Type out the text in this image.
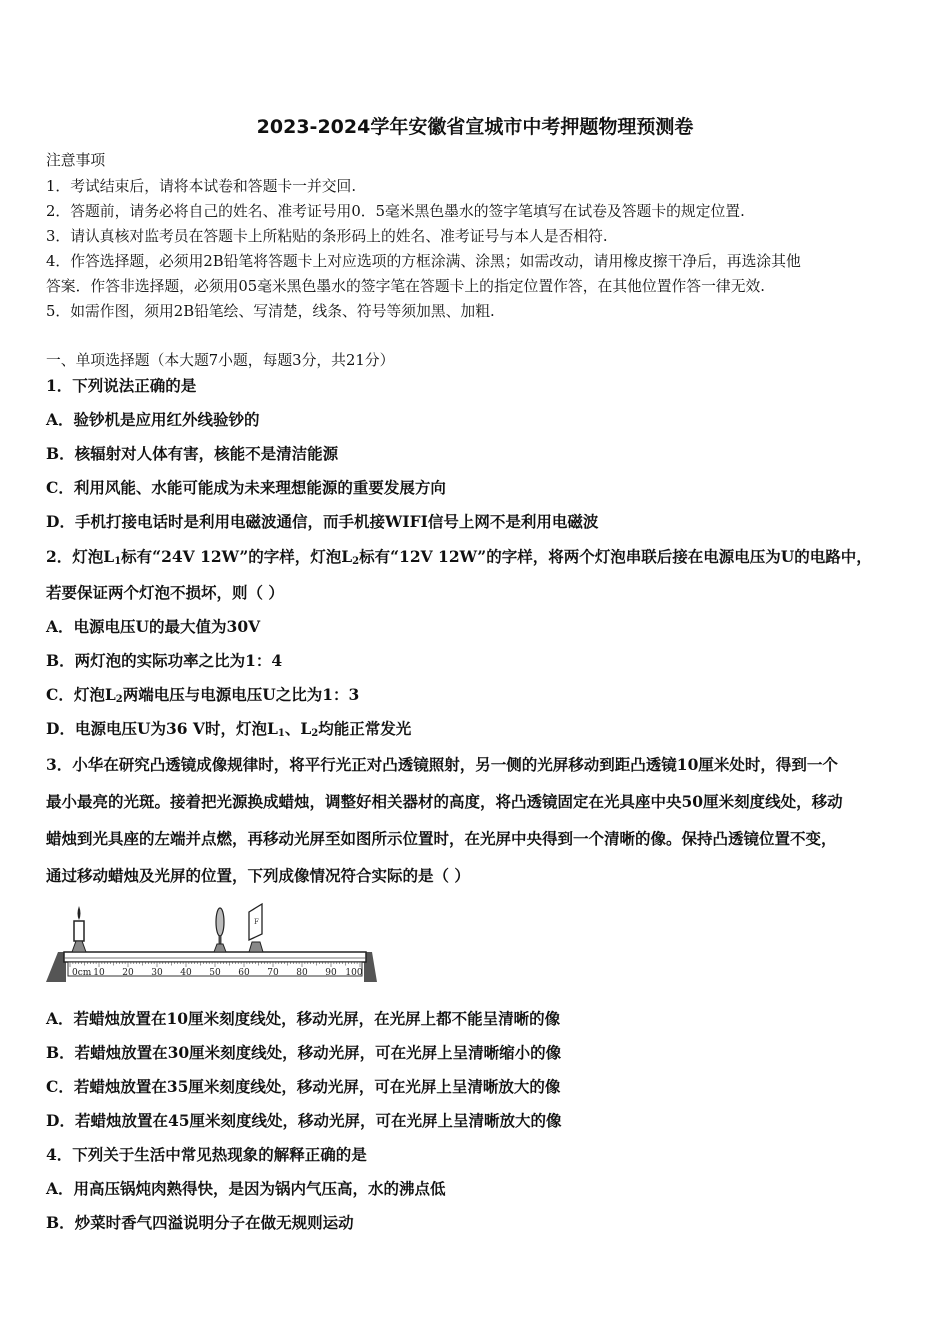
2023-2024学年安徽省宣城市中考押题物理预测卷
注意事项
1．考试结束后，请将本试卷和答题卡一并交回.
2．答题前，请务必将自己的姓名、准考证号用0．5毫米黑色墨水的签字笔填写在试卷及答题卡的规定位置.
3．请认真核对监考员在答题卡上所粘贴的条形码上的姓名、准考证号与本人是否相符.
4．作答选择题，必须用2B铅笔将答题卡上对应选项的方框涂满、涂黑；如需改动，请用橡皮擦干净后，再选涂其他
答案．作答非选择题，必须用05毫米黑色墨水的签字笔在答题卡上的指定位置作答，在其他位置作答一律无效.
5．如需作图，须用2B铅笔绘、写清楚，线条、符号等须加黑、加粗.
一、单项选择题（本大题7小题，每题3分，共21分）
1．下列说法正确的是
A．验钞机是应用红外线验钞的
B．核辐射对人体有害，核能不是清洁能源
C．利用风能、水能可能成为未来理想能源的重要发展方向
D．手机打接电话时是利用电磁波通信，而手机接WIFI信号上网不是利用电磁波
2．灯泡$L_1$标有“24V 12W”的字样，灯泡$L_2$标有“12V 12W”的字样，将两个灯泡串联后接在电源电压为U的电路中，
若要保证两个灯泡不损坏，则（ ）
A．电源电压U的最大值为30V
B．两灯泡的实际功率之比为1：4
C．灯泡$L_2$两端电压与电源电压U之比为1：3
D．电源电压U为36 V时，灯泡$L_1$、$L_2$均能正常发光
3．小华在研究凸透镜成像规律时，将平行光正对凸透镜照射，另一侧的光屏移动到距凸透镜10厘米处时，得到一个
最小最亮的光斑。接着把光源换成蜡烛，调整好相关器材的高度，将凸透镜固定在光具座中央50厘米刻度线处，移动
蜡烛到光具座的左端并点燃，再移动光屏至如图所示位置时，在光屏中央得到一个清晰的像。保持凸透镜位置不变，
通过移动蜡烛及光屏的位置，下列成像情况符合实际的是（ ）
0cm 10 20 30 40 50 60 70 80 90 100
F
A．若蜡烛放置在10厘米刻度线处，移动光屏，在光屏上都不能呈清晰的像
B．若蜡烛放置在30厘米刻度线处，移动光屏，可在光屏上呈清晰缩小的像
C．若蜡烛放置在35厘米刻度线处，移动光屏，可在光屏上呈清晰放大的像
D．若蜡烛放置在45厘米刻度线处，移动光屏，可在光屏上呈清晰放大的像
4．下列关于生活中常见热现象的解释正确的是
A．用高压锅炖肉熟得快，是因为锅内气压高，水的沸点低
B．炒菜时香气四溢说明分子在做无规则运动
